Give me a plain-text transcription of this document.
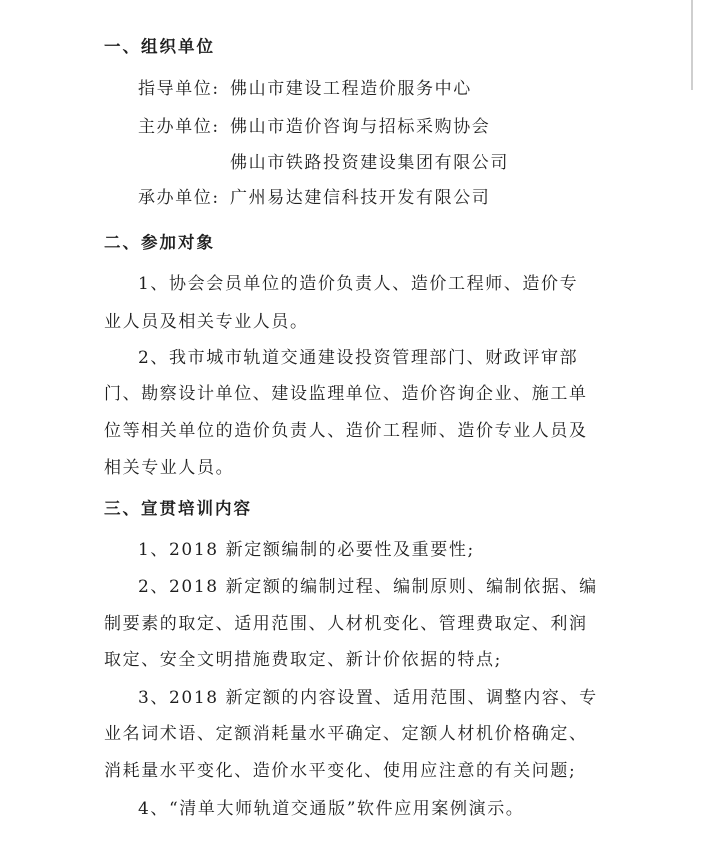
一、组织单位
指导单位: 佛山市建设工程造价服务中心
主办单位: 佛山市造价咨询与招标采购协会
佛山市铁路投资建设集团有限公司
承办单位: 广州易达建信科技开发有限公司
二、参加对象
1、协会会员单位的造价负责人、造价工程师、造价专
业人员及相关专业人员。
2、我市城市轨道交通建设投资管理部门、财政评审部
门、勘察设计单位、建设监理单位、造价咨询企业、施工单
位等相关单位的造价负责人、造价工程师、造价专业人员及
相关专业人员。
三、宣贯培训内容
1、2018 新定额编制的必要性及重要性;
2、2018 新定额的编制过程、编制原则、编制依据、编
制要素的取定、适用范围、人材机变化、管理费取定、利润
取定、安全文明措施费取定、新计价依据的特点;
3、2018 新定额的内容设置、适用范围、调整内容、专
业名词术语、定额消耗量水平确定、定额人材机价格确定、
消耗量水平变化、造价水平变化、使用应注意的有关问题;
4、“清单大师轨道交通版”软件应用案例演示。
